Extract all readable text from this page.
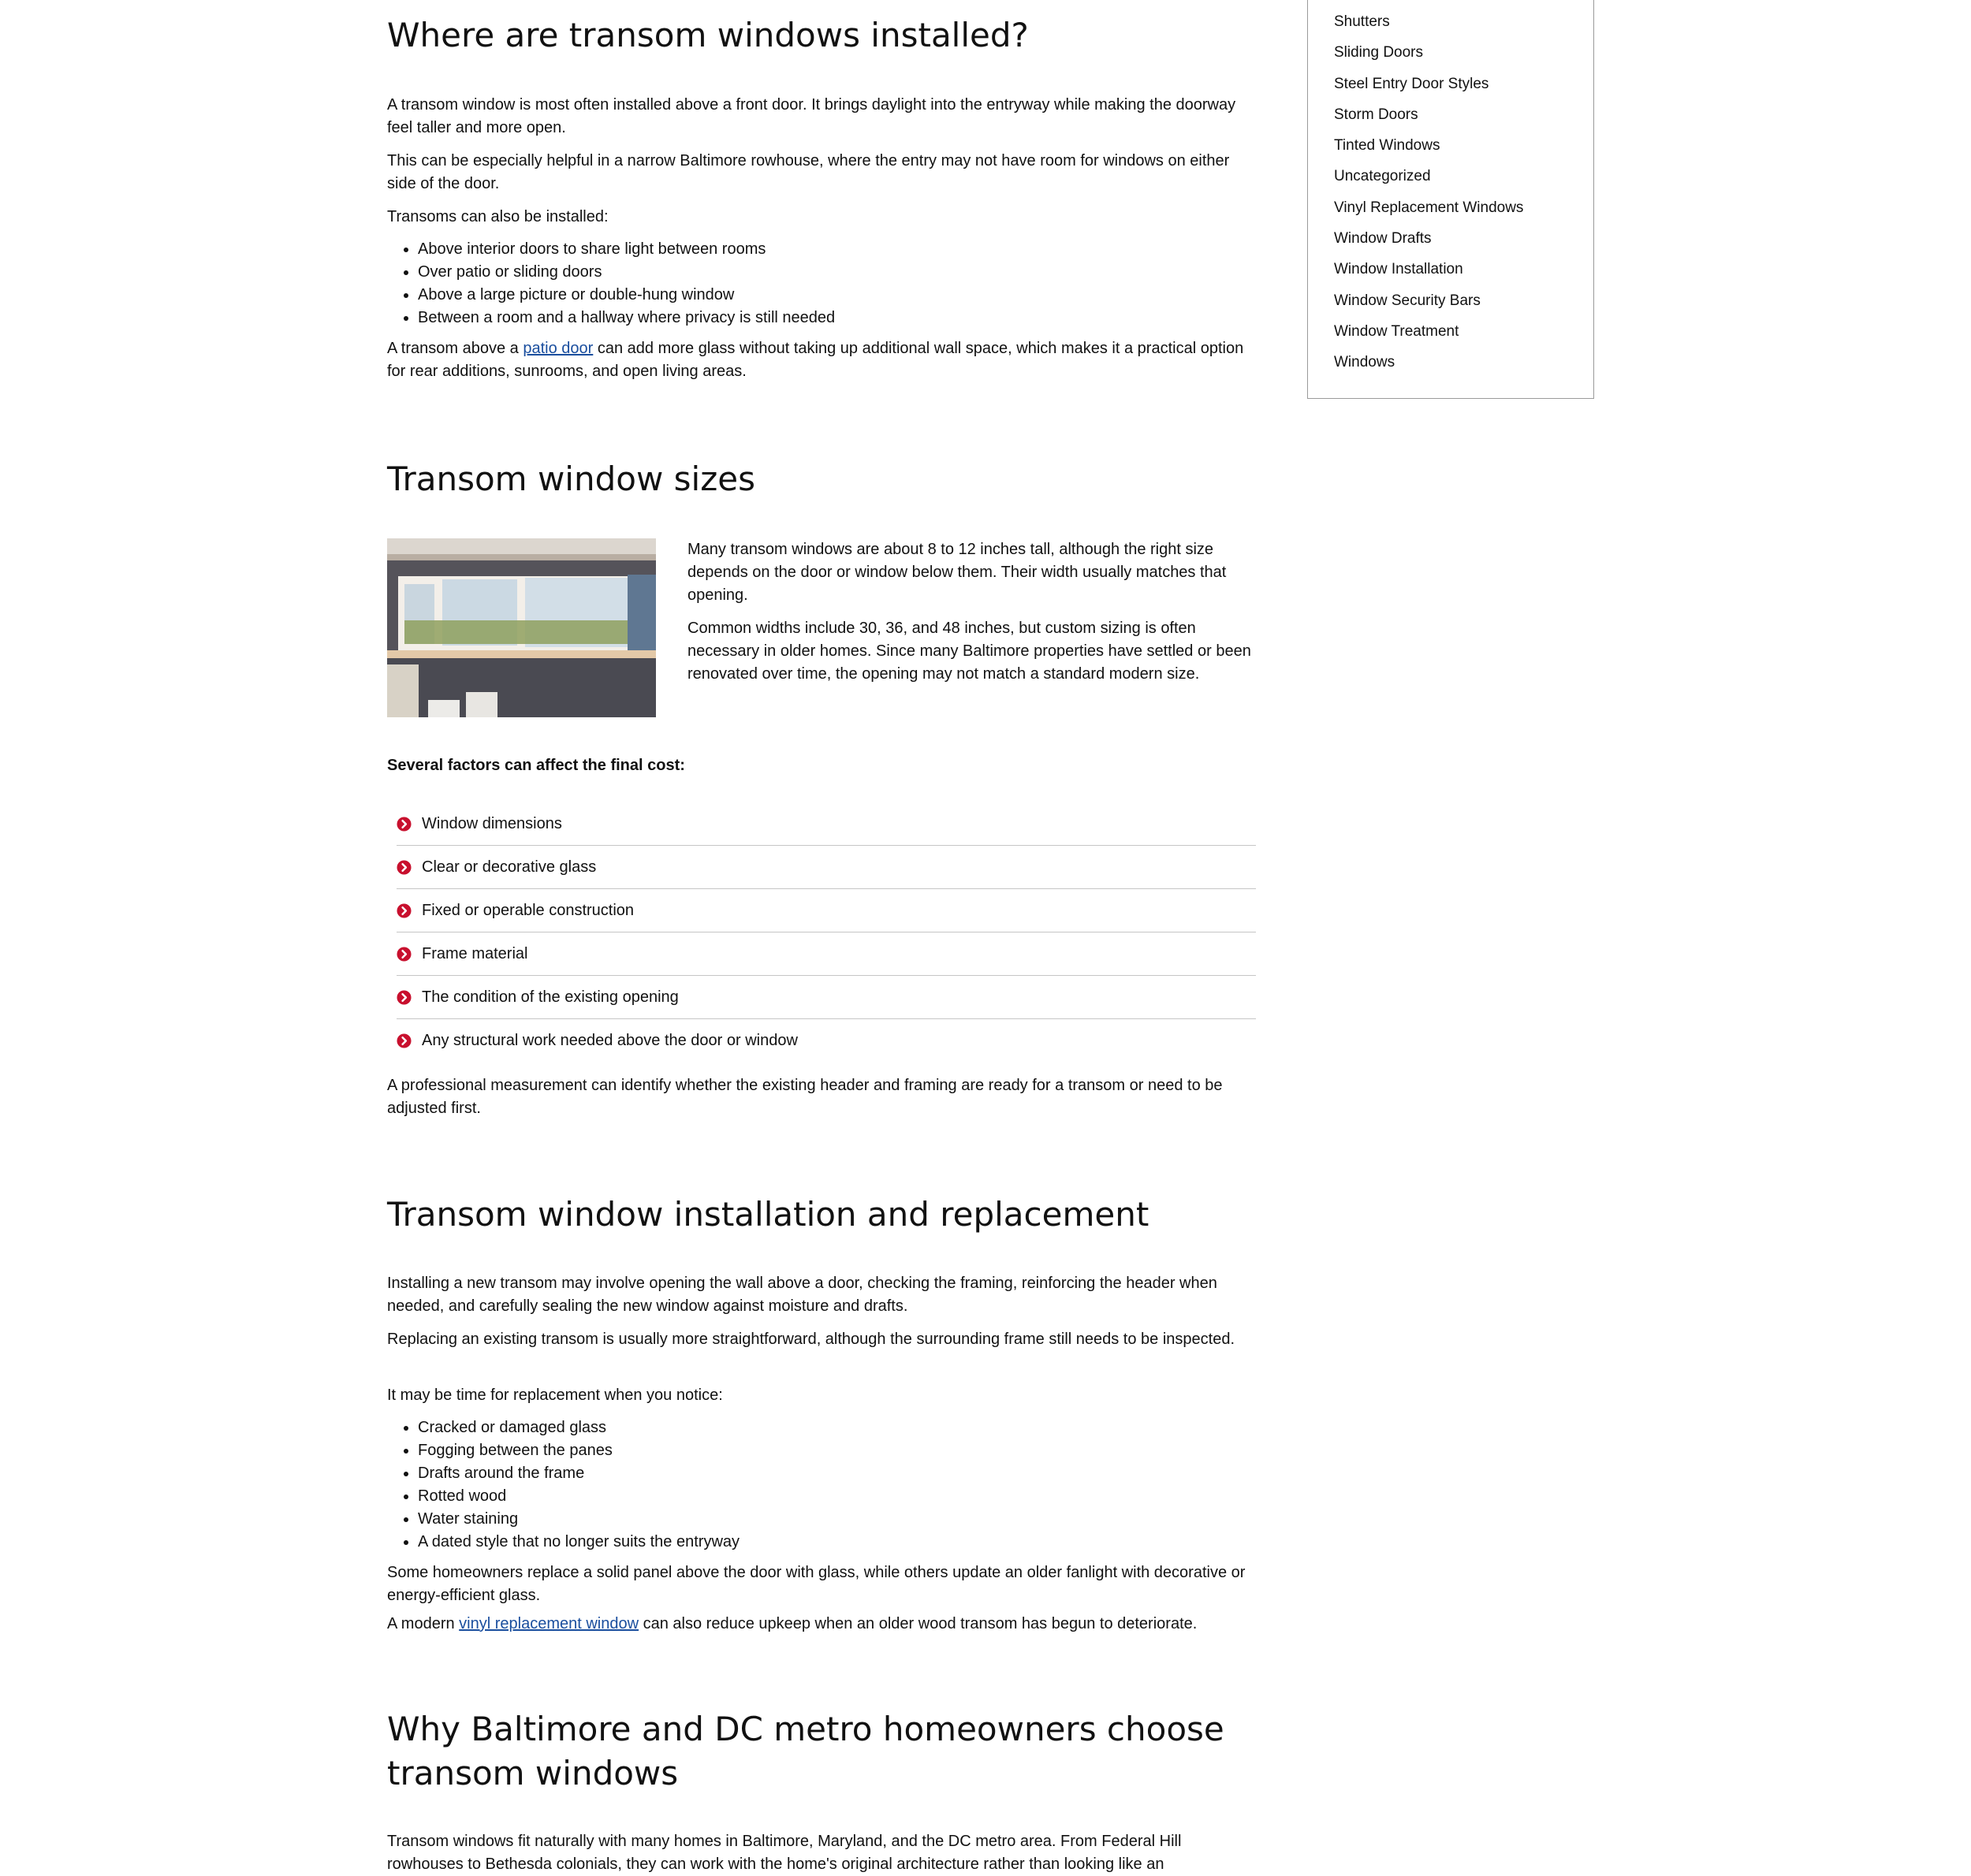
Where are transom windows installed?

A transom window is most often installed above a front door. It brings daylight into the entryway while making the doorway feel taller and more open.

This can be especially helpful in a narrow Baltimore rowhouse, where the entry may not have room for windows on either side of the door.

Transoms can also be installed:

• Above interior doors to share light between rooms
• Over patio or sliding doors
• Above a large picture or double-hung window
• Between a room and a hallway where privacy is still needed

A transom above a patio door can add more glass without taking up additional wall space, which makes it a practical option for rear additions, sunrooms, and open living areas.

Transom window sizes

Many transom windows are about 8 to 12 inches tall, although the right size depends on the door or window below them. Their width usually matches that opening.

Common widths include 30, 36, and 48 inches, but custom sizing is often necessary in older homes. Since many Baltimore properties have settled or been renovated over time, the opening may not match a standard modern size.

Several factors can affect the final cost:

Window dimensions
Clear or decorative glass
Fixed or operable construction
Frame material
The condition of the existing opening
Any structural work needed above the door or window

A professional measurement can identify whether the existing header and framing are ready for a transom or need to be adjusted first.

Transom window installation and replacement

Installing a new transom may involve opening the wall above a door, checking the framing, reinforcing the header when needed, and carefully sealing the new window against moisture and drafts.

Replacing an existing transom is usually more straightforward, although the surrounding frame still needs to be inspected.

It may be time for replacement when you notice:

• Cracked or damaged glass
• Fogging between the panes
• Drafts around the frame
• Rotted wood
• Water staining
• A dated style that no longer suits the entryway

Some homeowners replace a solid panel above the door with glass, while others update an older fanlight with decorative or energy-efficient glass.

A modern vinyl replacement window can also reduce upkeep when an older wood transom has begun to deteriorate.

Why Baltimore and DC metro homeowners choose transom windows

Transom windows fit naturally with many homes in Baltimore, Maryland, and the DC metro area. From Federal Hill rowhouses to Bethesda colonials, they can work with the home's original architecture rather than looking like an

Shutters
Sliding Doors
Steel Entry Door Styles
Storm Doors
Tinted Windows
Uncategorized
Vinyl Replacement Windows
Window Drafts
Window Installation
Window Security Bars
Window Treatment
Windows
